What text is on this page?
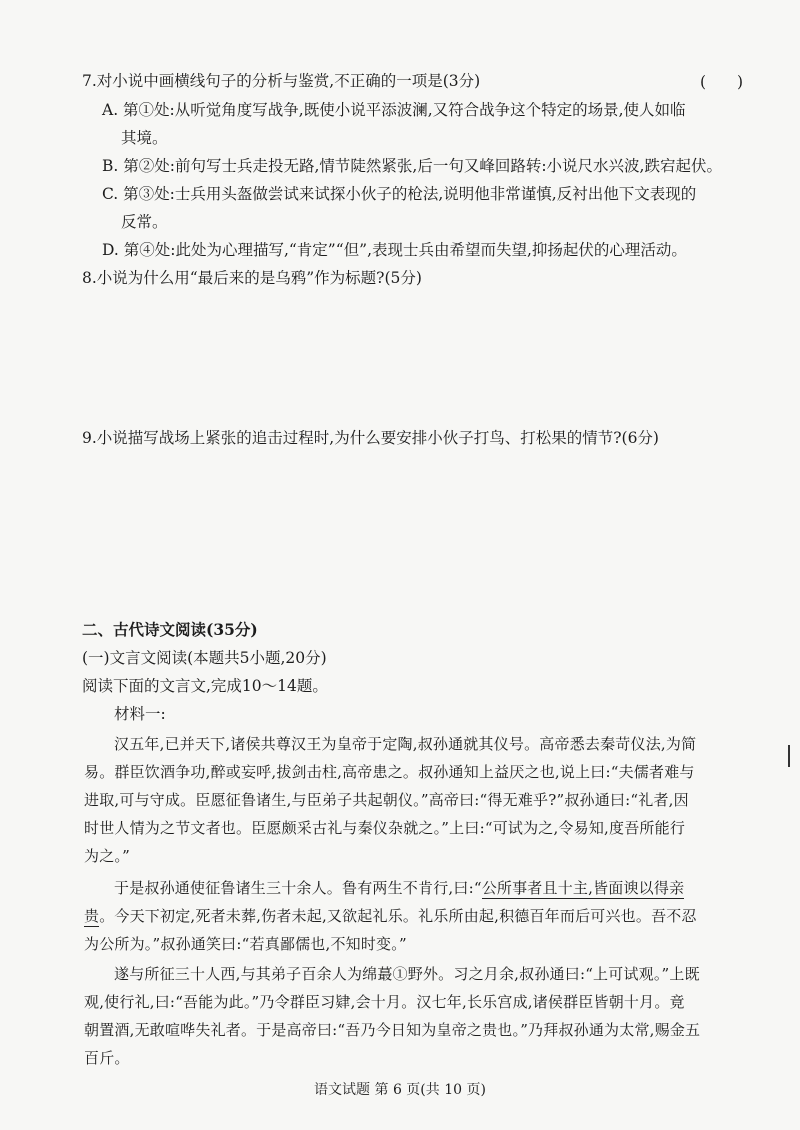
7.对小说中画横线句子的分析与鉴赏,不正确的一项是(3分)	(　　)
A. 第①处:从听觉角度写战争,既使小说平添波澜,又符合战争这个特定的场景,使人如临
其境。
B. 第②处:前句写士兵走投无路,情节陡然紧张,后一句又峰回路转:小说尺水兴波,跌宕起伏。
C. 第③处:士兵用头盔做尝试来试探小伙子的枪法,说明他非常谨慎,反衬出他下文表现的
反常。
D. 第④处:此处为心理描写,“肯定”“但”,表现士兵由希望而失望,抑扬起伏的心理活动。
8.小说为什么用“最后来的是乌鸦”作为标题?(5分)
9.小说描写战场上紧张的追击过程时,为什么要安排小伙子打鸟、打松果的情节?(6分)
二、古代诗文阅读(35分)
(一)文言文阅读(本题共5小题,20分)
阅读下面的文言文,完成10～14题。
材料一:
汉五年,已并天下,诸侯共尊汉王为皇帝于定陶,叔孙通就其仪号。高帝悉去秦苛仪法,为简
易。群臣饮酒争功,醉或妄呼,拔剑击柱,高帝患之。叔孙通知上益厌之也,说上曰:“夫儒者难与
进取,可与守成。臣愿征鲁诸生,与臣弟子共起朝仪。”高帝曰:“得无难乎?”叔孙通曰:“礼者,因
时世人情为之节文者也。臣愿颇采古礼与秦仪杂就之。”上曰:“可试为之,令易知,度吾所能行
为之。”
于是叔孙通使征鲁诸生三十余人。鲁有两生不肯行,曰:“公所事者且十主,皆面谀以得亲
贵。今天下初定,死者未葬,伤者未起,又欲起礼乐。礼乐所由起,积德百年而后可兴也。吾不忍
为公所为。”叔孙通笑曰:“若真鄙儒也,不知时变。”
遂与所征三十人西,与其弟子百余人为绵蕞①野外。习之月余,叔孙通曰:“上可试观。”上既
观,使行礼,曰:“吾能为此。”乃令群臣习肄,会十月。汉七年,长乐宫成,诸侯群臣皆朝十月。竟
朝置酒,无敢喧哗失礼者。于是高帝曰:“吾乃今日知为皇帝之贵也。”乃拜叔孙通为太常,赐金五
百斤。
语文试题 第 6 页(共 10 页)
